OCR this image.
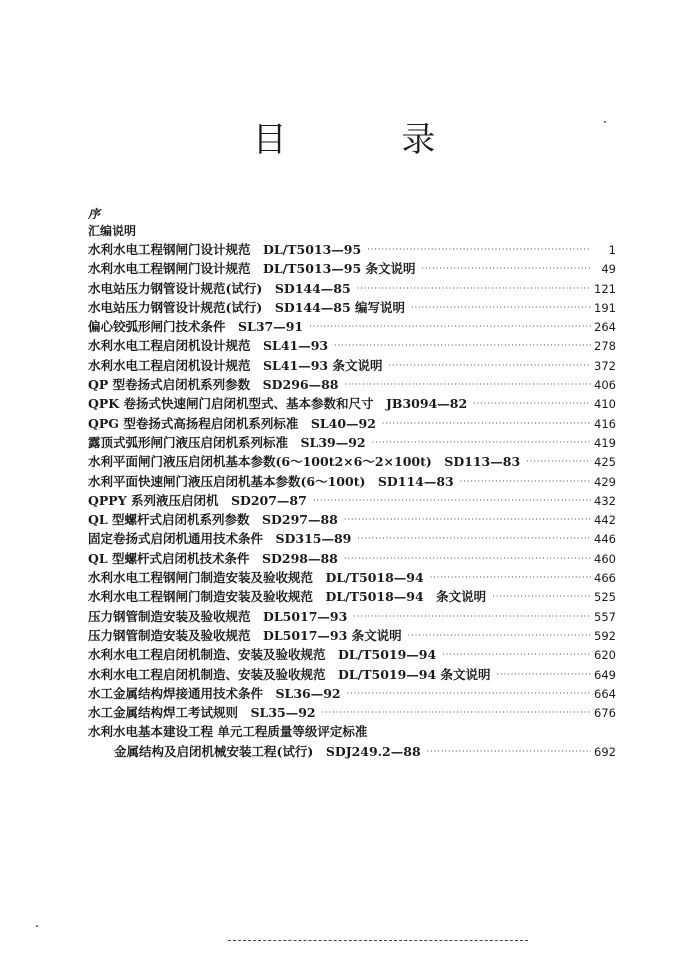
目 录
序
汇编说明
水利水电工程钢闸门设计规范　DL/T5013—95 ·····	1
水利水电工程钢闸门设计规范　DL/T5013—95 条文说明 ·····	49
水电站压力钢管设计规范(试行)　SD144—85 ·····	121
水电站压力钢管设计规范(试行)　SD144—85 编写说明 ·····	191
偏心铰弧形闸门技术条件　SL37—91 ·····	264
水利水电工程启闭机设计规范　SL41—93 ·····	278
水利水电工程启闭机设计规范　SL41—93 条文说明 ·····	372
QP 型卷扬式启闭机系列参数　SD296—88 ·····	406
QPK 卷扬式快速闸门启闭机型式、基本参数和尺寸　JB3094—82 ·····	410
QPG 型卷扬式高扬程启闭机系列标准　SL40—92 ·····	416
露顶式弧形闸门液压启闭机系列标准　SL39—92 ·····	419
水利平面闸门液压启闭机基本参数(6～100t2×6～2×100t)　SD113—83 ·····	425
水利平面快速闸门液压启闭机基本参数(6～100t)　SD114—83 ·····	429
QPPY 系列液压启闭机　SD207—87 ·····	432
QL 型螺杆式启闭机系列参数　SD297—88 ·····	442
固定卷扬式启闭机通用技术条件　SD315—89 ·····	446
QL 型螺杆式启闭机技术条件　SD298—88 ·····	460
水利水电工程钢闸门制造安装及验收规范　DL/T5018—94 ·····	466
水利水电工程钢闸门制造安装及验收规范　DL/T5018—94　条文说明 ·····	525
压力钢管制造安装及验收规范　DL5017—93 ·····	557
压力钢管制造安装及验收规范　DL5017—93 条文说明 ·····	592
水利水电工程启闭机制造、安装及验收规范　DL/T5019—94 ·····	620
水利水电工程启闭机制造、安装及验收规范　DL/T5019—94 条文说明 ·····	649
水工金属结构焊接通用技术条件　SL36—92 ·····	664
水工金属结构焊工考试规则　SL35—92 ·····	676
水利水电基本建设工程 单元工程质量等级评定标准
金属结构及启闭机械安装工程(试行)　SDJ249.2—88 ·····	692
